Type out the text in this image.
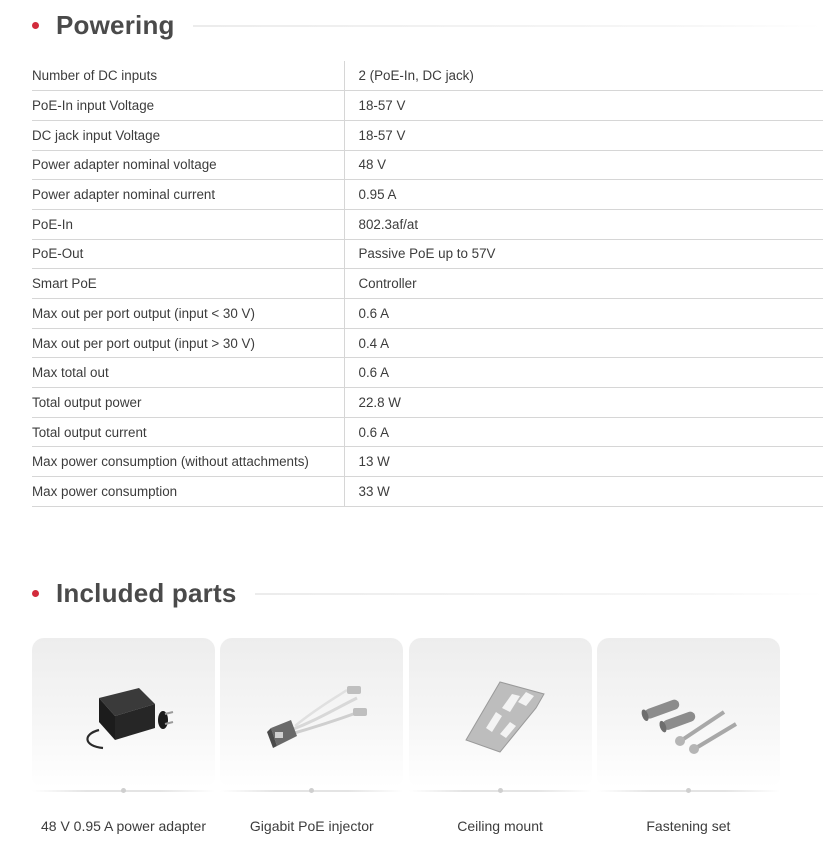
Powering
Number of DC inputs	2 (PoE-In, DC jack)
PoE-In input Voltage	18-57 V
DC jack input Voltage	18-57 V
Power adapter nominal voltage	48 V
Power adapter nominal current	0.95 A
PoE-In	802.3af/at
PoE-Out	Passive PoE up to 57V
Smart PoE	Controller
Max out per port output (input < 30 V)	0.6 A
Max out per port output (input > 30 V)	0.4 A
Max total out	0.6 A
Total output power	22.8 W
Total output current	0.6 A
Max power consumption (without attachments)	13 W
Max power consumption	33 W
Included parts
48 V 0.95 A power adapter	Gigabit PoE injector	Ceiling mount	Fastening set
